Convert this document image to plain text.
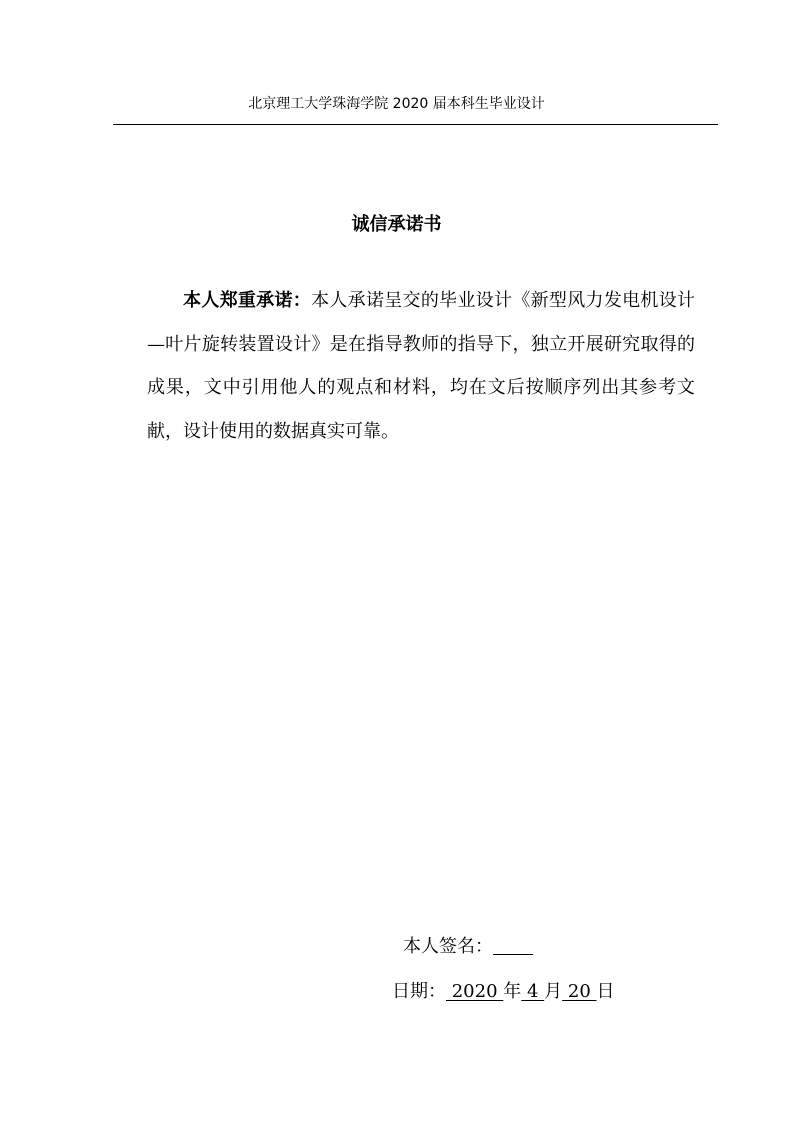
北京理工大学珠海学院 2020 届本科生毕业设计
诚信承诺书

本人郑重承诺：本人承诺呈交的毕业设计《新型风力发电机设计—叶片旋转装置设计》是在指导教师的指导下，独立开展研究取得的成果，文中引用他人的观点和材料，均在文后按顺序列出其参考文献，设计使用的数据真实可靠。

本人签名：
日期： 2020 年 4 月 20 日
